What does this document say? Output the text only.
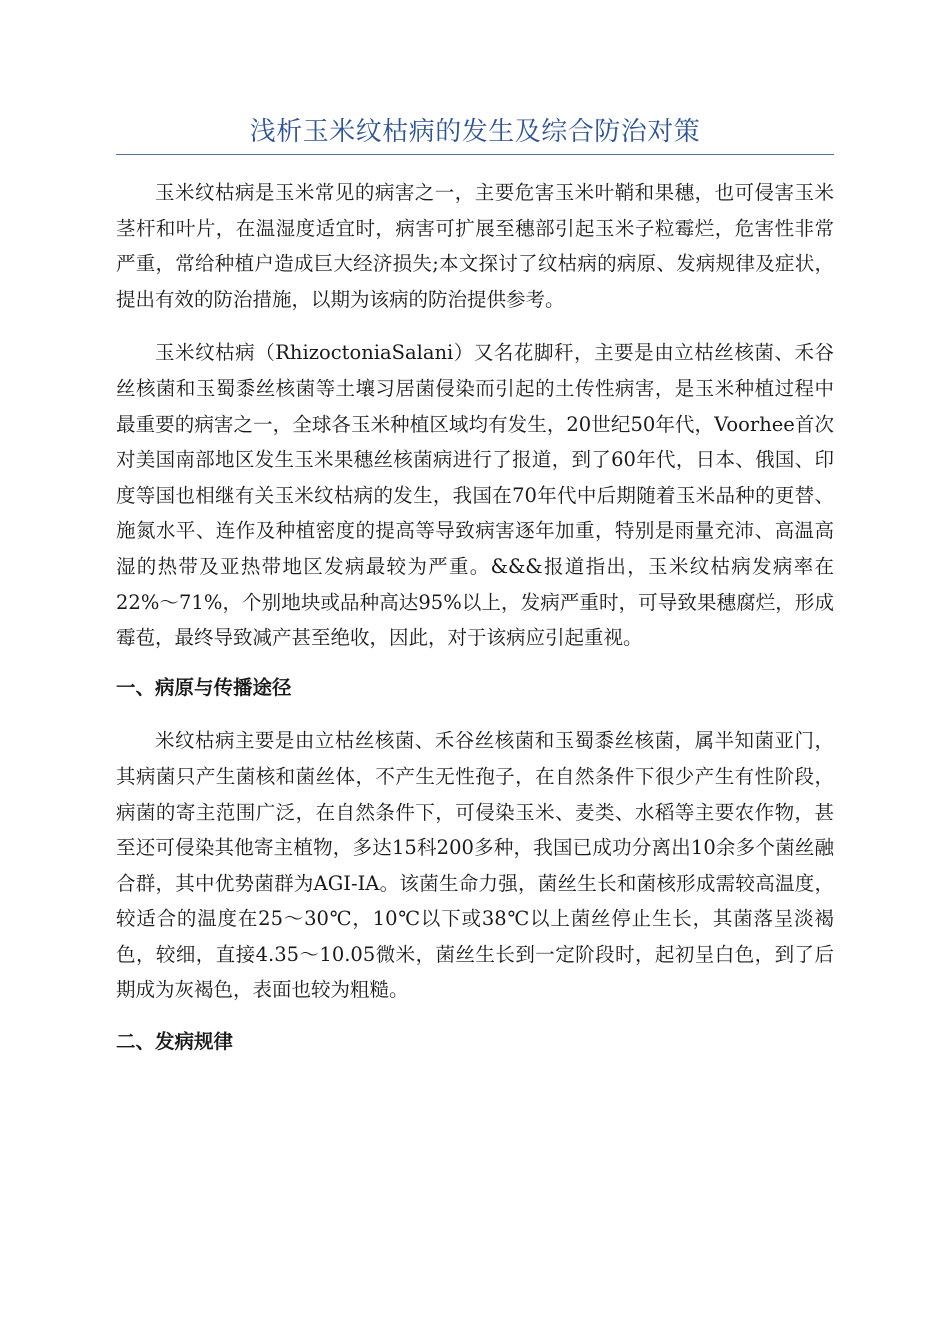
浅析玉米纹枯病的发生及综合防治对策

玉米纹枯病是玉米常见的病害之一，主要危害玉米叶鞘和果穗，也可侵害玉米茎杆和叶片，在温湿度适宜时，病害可扩展至穗部引起玉米子粒霉烂，危害性非常严重，常给种植户造成巨大经济损失;本文探讨了纹枯病的病原、发病规律及症状，提出有效的防治措施，以期为该病的防治提供参考。

玉米纹枯病（RhizoctoniaSalani）又名花脚秆，主要是由立枯丝核菌、禾谷丝核菌和玉蜀黍丝核菌等土壤习居菌侵染而引起的土传性病害，是玉米种植过程中最重要的病害之一，全球各玉米种植区域均有发生，20世纪50年代，Voorhee首次对美国南部地区发生玉米果穗丝核菌病进行了报道，到了60年代，日本、俄国、印度等国也相继有关玉米纹枯病的发生，我国在70年代中后期随着玉米品种的更替、施氮水平、连作及种植密度的提高等导致病害逐年加重，特别是雨量充沛、高温高湿的热带及亚热带地区发病最较为严重。&&&报道指出，玉米纹枯病发病率在22%～71%，个别地块或品种高达95%以上，发病严重时，可导致果穗腐烂，形成霉苞，最终导致减产甚至绝收，因此，对于该病应引起重视。

一、病原与传播途径

米纹枯病主要是由立枯丝核菌、禾谷丝核菌和玉蜀黍丝核菌，属半知菌亚门，其病菌只产生菌核和菌丝体，不产生无性孢子，在自然条件下很少产生有性阶段，病菌的寄主范围广泛，在自然条件下，可侵染玉米、麦类、水稻等主要农作物，甚至还可侵染其他寄主植物，多达15科200多种，我国已成功分离出10余多个菌丝融合群，其中优势菌群为AGI-IA。该菌生命力强，菌丝生长和菌核形成需较高温度，较适合的温度在25～30℃，10℃以下或38℃以上菌丝停止生长，其菌落呈淡褐色，较细，直接4.35～10.05微米，菌丝生长到一定阶段时，起初呈白色，到了后期成为灰褐色，表面也较为粗糙。

二、发病规律
